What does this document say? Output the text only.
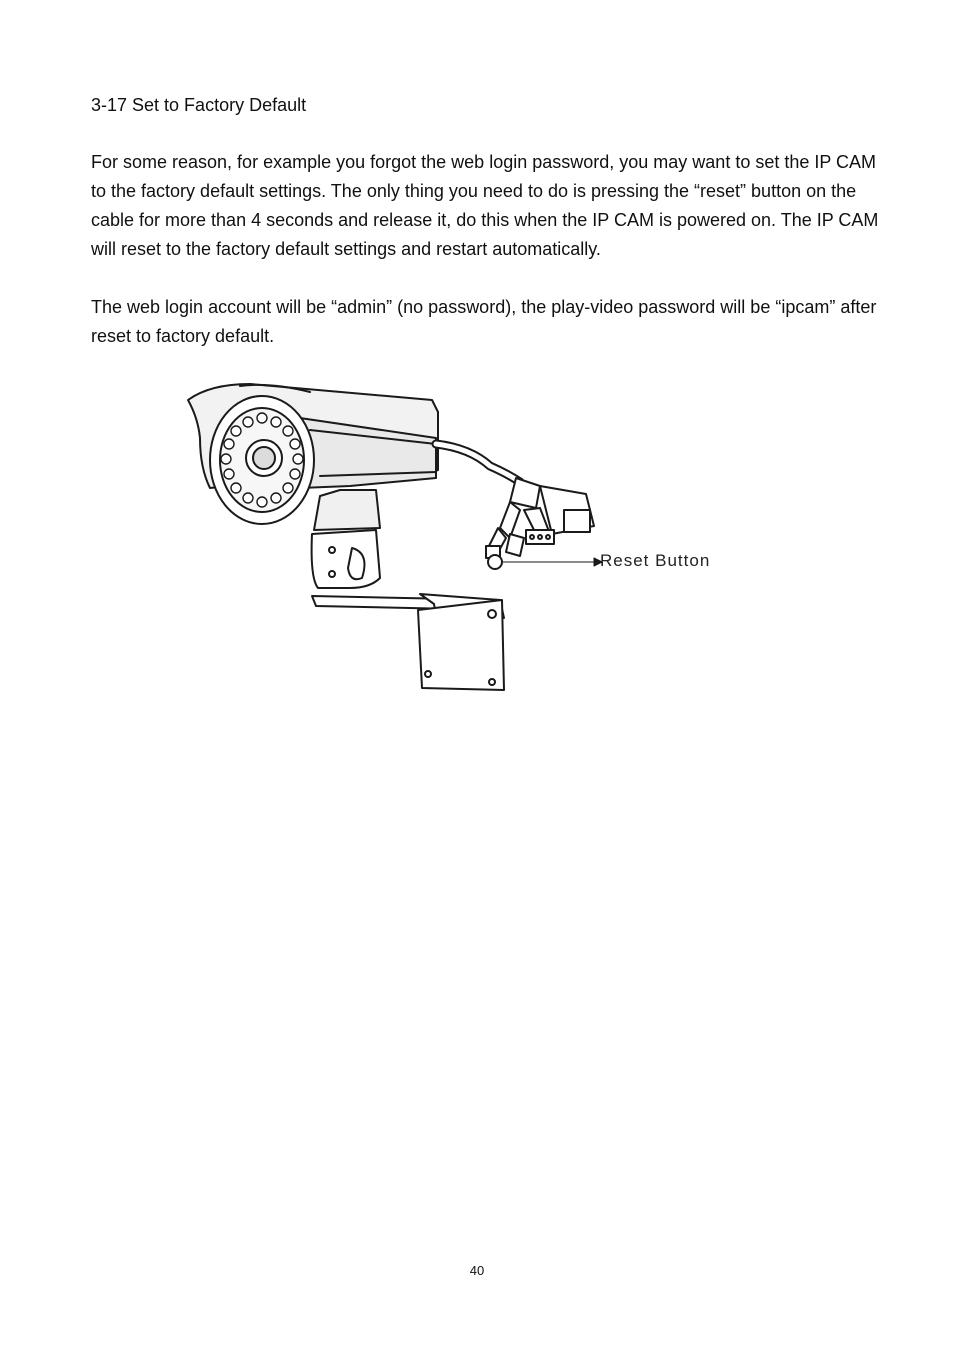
3-17 Set to Factory Default

For some reason, for example you forgot the web login password, you may want to set the IP CAM to the factory default settings. The only thing you need to do is pressing the “reset” button on the cable for more than 4 seconds and release it, do this when the IP CAM is powered on. The IP CAM will reset to the factory default settings and restart automatically.

The web login account will be “admin” (no password), the play-video password will be “ipcam” after reset to factory default.

Reset Button
40
